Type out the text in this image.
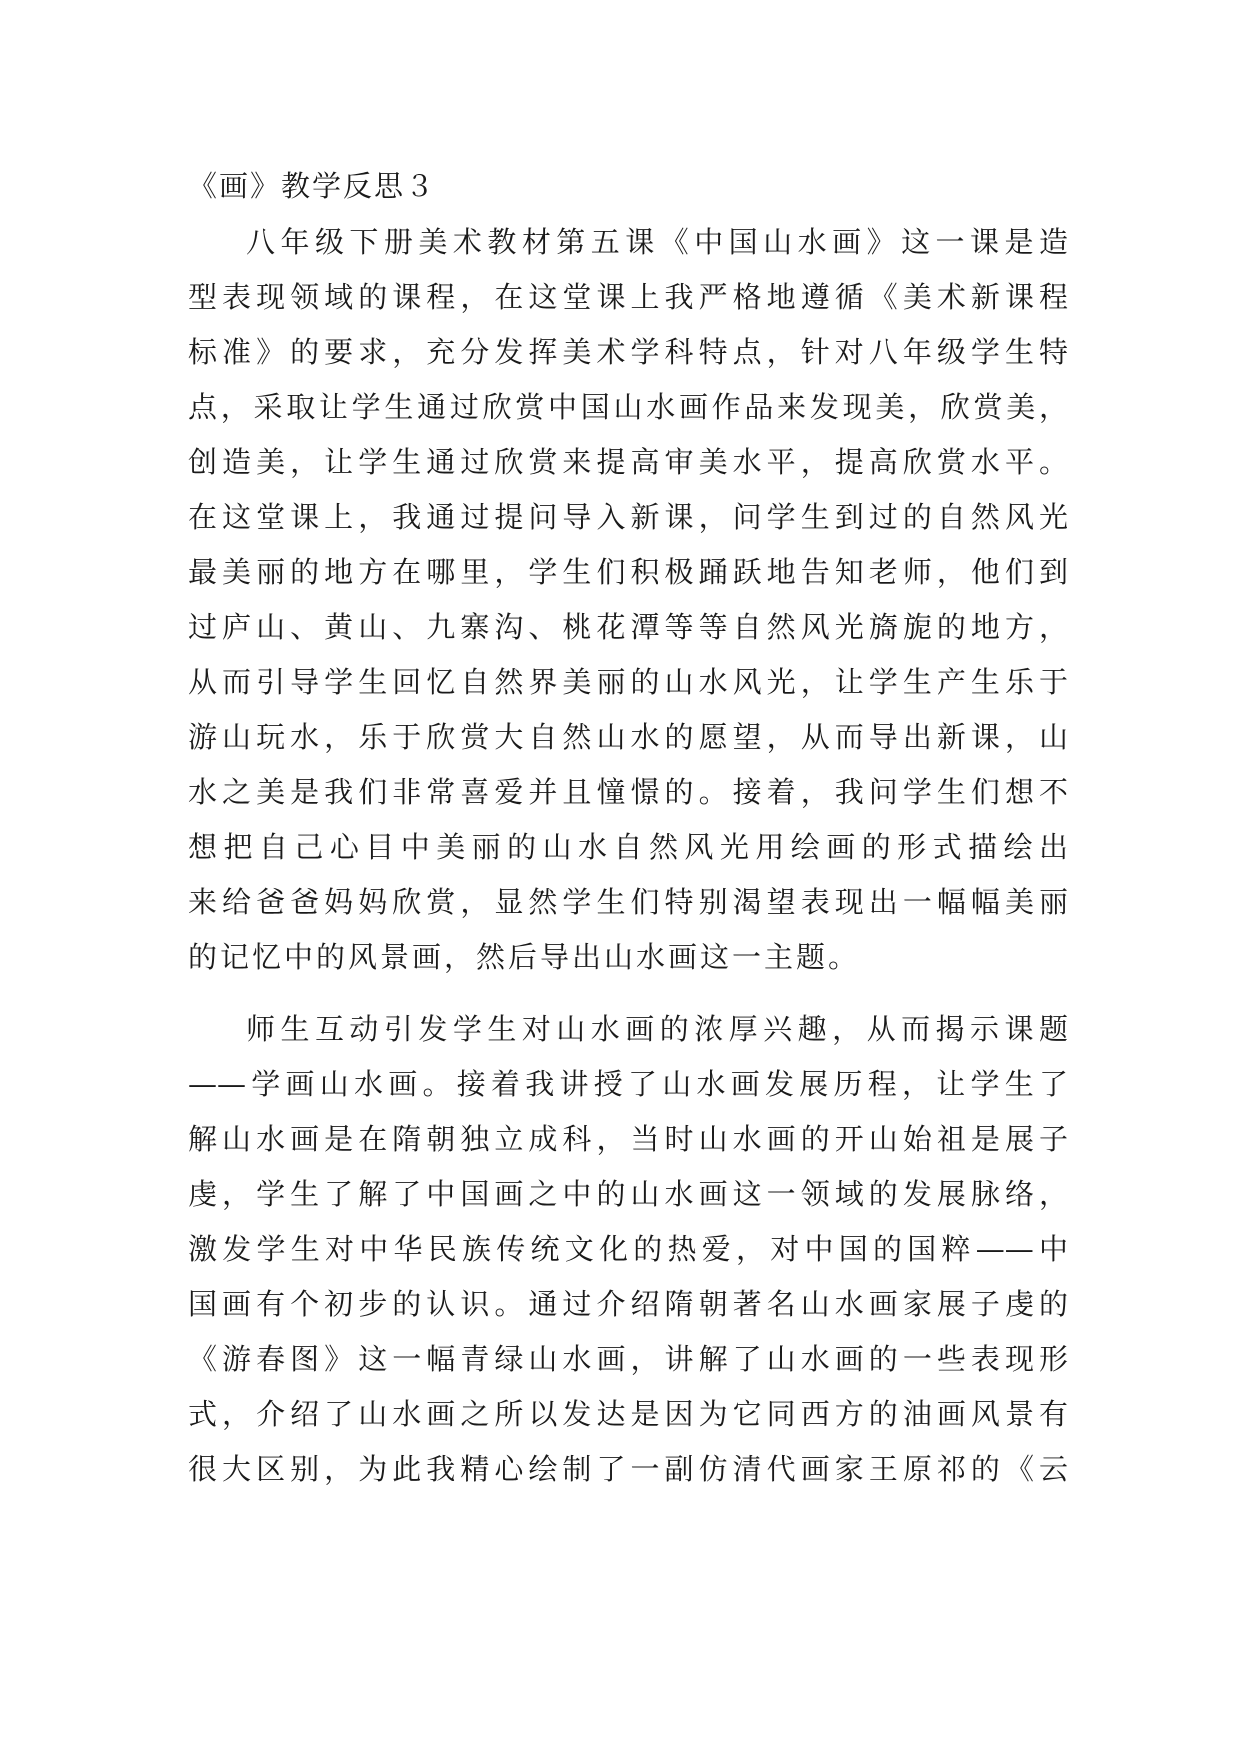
《画》教学反思３
八年级下册美术教材第五课《中国山水画》这一课是造
型表现领域的课程，在这堂课上我严格地遵循《美术新课程
标准》的要求，充分发挥美术学科特点，针对八年级学生特
点，采取让学生通过欣赏中国山水画作品来发现美，欣赏美，
创造美，让学生通过欣赏来提高审美水平，提高欣赏水平。
在这堂课上，我通过提问导入新课，问学生到过的自然风光
最美丽的地方在哪里，学生们积极踊跃地告知老师，他们到
过庐山、黄山、九寨沟、桃花潭等等自然风光旖旎的地方，
从而引导学生回忆自然界美丽的山水风光，让学生产生乐于
游山玩水，乐于欣赏大自然山水的愿望，从而导出新课，山
水之美是我们非常喜爱并且憧憬的。接着，我问学生们想不
想把自己心目中美丽的山水自然风光用绘画的形式描绘出
来给爸爸妈妈欣赏，显然学生们特别渴望表现出一幅幅美丽
的记忆中的风景画，然后导出山水画这一主题。
师生互动引发学生对山水画的浓厚兴趣，从而揭示课题
——学画山水画。接着我讲授了山水画发展历程，让学生了
解山水画是在隋朝独立成科，当时山水画的开山始祖是展子
虔，学生了解了中国画之中的山水画这一领域的发展脉络，
激发学生对中华民族传统文化的热爱，对中国的国粹——中
国画有个初步的认识。通过介绍隋朝著名山水画家展子虔的
《游春图》这一幅青绿山水画，讲解了山水画的一些表现形
式，介绍了山水画之所以发达是因为它同西方的油画风景有
很大区别，为此我精心绘制了一副仿清代画家王原祁的《云
